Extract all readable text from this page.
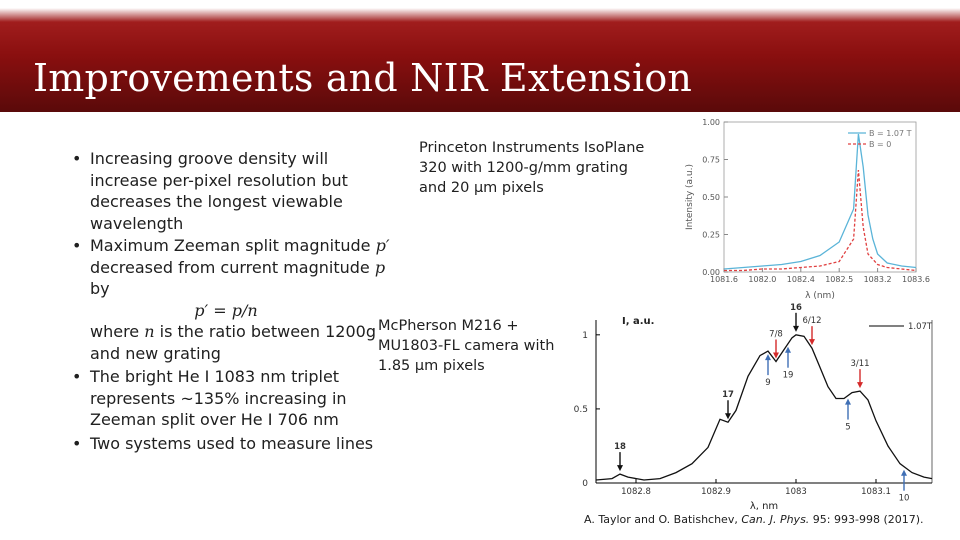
Improvements and NIR Extension
• Increasing groove density will increase per-pixel resolution but decreases the longest viewable wavelength
• Maximum Zeeman split magnitude p′ decreased from current magnitude p by
p′ = p/n
where n is the ratio between 1200g and new grating
• The bright He I 1083 nm triplet represents ~135% increasing in Zeeman split over He I 706 nm
• Two systems used to measure lines
Princeton Instruments IsoPlane 320 with 1200-g/mm grating and 20 μm pixels
McPherson M216 + MU1803-FL camera with 1.85 μm pixels
0.00
0.25
0.50
0.75
1.00
1081.6 1082.0 1082.4 1082.5 1083.2 1083.6
λ (nm)
Intensity (a.u.)
B = 1.07 T
B = 0
0
0.5
1
1082.8	1082.9	1083	1083.1
I, a.u.
λ, nm
1.07T
18
17
9
7/8
19
16
6/12
5
3/11
10
A. Taylor and O. Batishchev, Can. J. Phys. 95: 993-998 (2017).
